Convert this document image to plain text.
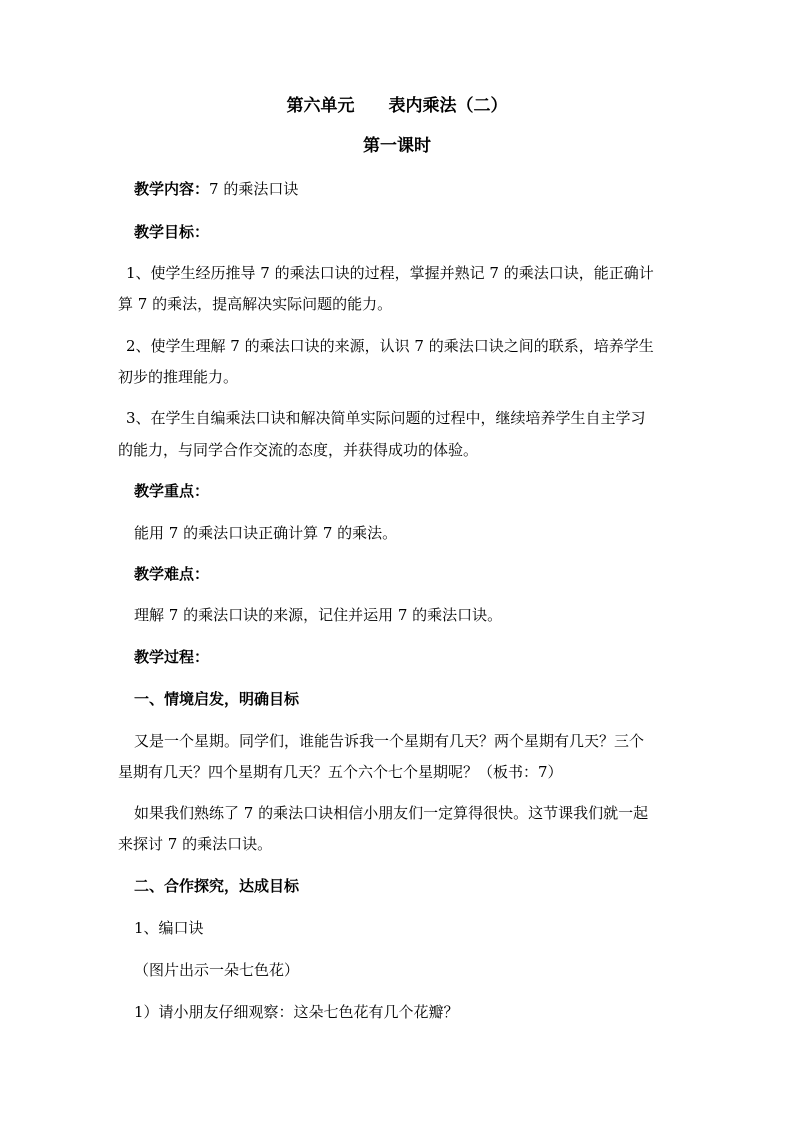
第六单元　　表内乘法（二）
第一课时
教学内容：7 的乘法口诀
教学目标：
1、使学生经历推导 7 的乘法口诀的过程，掌握并熟记 7 的乘法口诀，能正确计
算 7 的乘法，提高解决实际问题的能力。
2、使学生理解 7 的乘法口诀的来源，认识 7 的乘法口诀之间的联系，培养学生
初步的推理能力。
3、在学生自编乘法口诀和解决简单实际问题的过程中，继续培养学生自主学习
的能力，与同学合作交流的态度，并获得成功的体验。
教学重点：
能用 7 的乘法口诀正确计算 7 的乘法。
教学难点：
理解 7 的乘法口诀的来源，记住并运用 7 的乘法口诀。
教学过程：
一、情境启发，明确目标
又是一个星期。同学们，谁能告诉我一个星期有几天？两个星期有几天？三个
星期有几天？四个星期有几天？五个六个七个星期呢？（板书：7）
如果我们熟练了 7 的乘法口诀相信小朋友们一定算得很快。这节课我们就一起
来探讨 7 的乘法口诀。
二、合作探究，达成目标
1、编口诀
（图片出示一朵七色花）
1）请小朋友仔细观察：这朵七色花有几个花瓣？
